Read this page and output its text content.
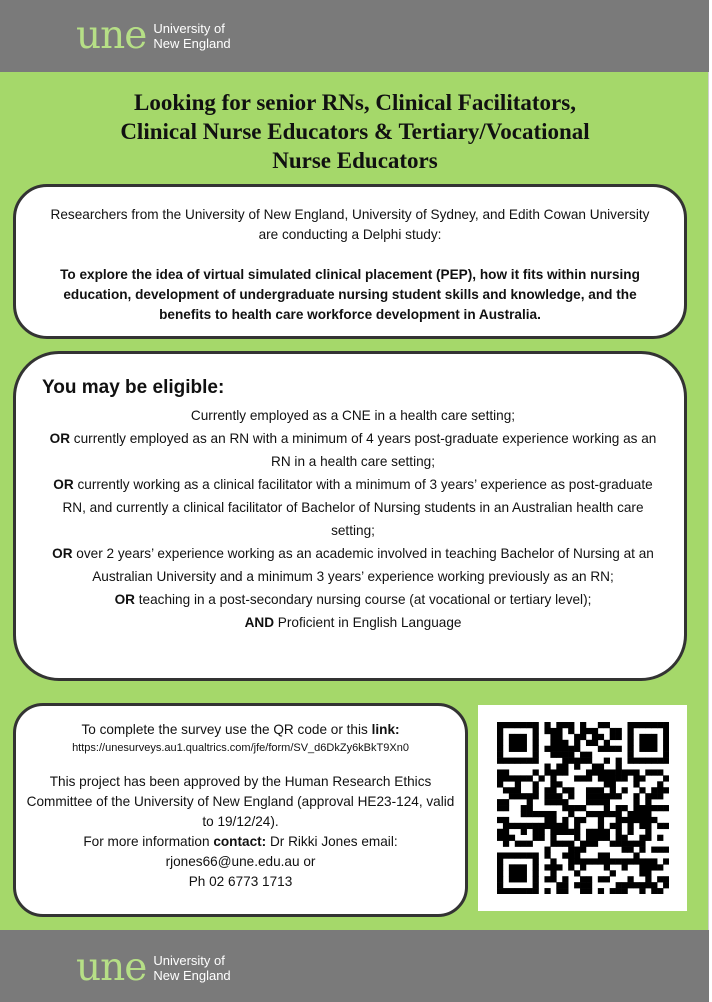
une University of
New England
Looking for senior RNs, Clinical Facilitators,
Clinical Nurse Educators & Tertiary/Vocational
Nurse Educators

Researchers from the University of New England, University of Sydney, and Edith Cowan University are conducting a Delphi study:

To explore the idea of virtual simulated clinical placement (PEP), how it fits within nursing education, development of undergraduate nursing student skills and knowledge, and the benefits to health care workforce development in Australia.

You may be eligible:

Currently employed as a CNE in a health care setting;

OR currently employed as an RN with a minimum of 4 years post-graduate experience working as an RN in a health care setting;

OR currently working as a clinical facilitator with a minimum of 3 years’ experience as post-graduate RN, and currently a clinical facilitator of Bachelor of Nursing students in an Australian health care setting;

OR over 2 years’ experience working as an academic involved in teaching Bachelor of Nursing at an Australian University and a minimum 3 years’ experience working previously as an RN;

OR teaching in a post-secondary nursing course (at vocational or tertiary level);

AND Proficient in English Language

To complete the survey use the QR code or this link:

https://unesurveys.au1.qualtrics.com/jfe/form/SV_d6DkZy6kBkT9Xn0

This project has been approved by the Human Research Ethics Committee of the University of New England (approval HE23-124, valid to 19/12/24).

For more information contact: Dr Rikki Jones email:

rjones66@une.edu.au or

Ph 02 6773 1713

une University of
New England
